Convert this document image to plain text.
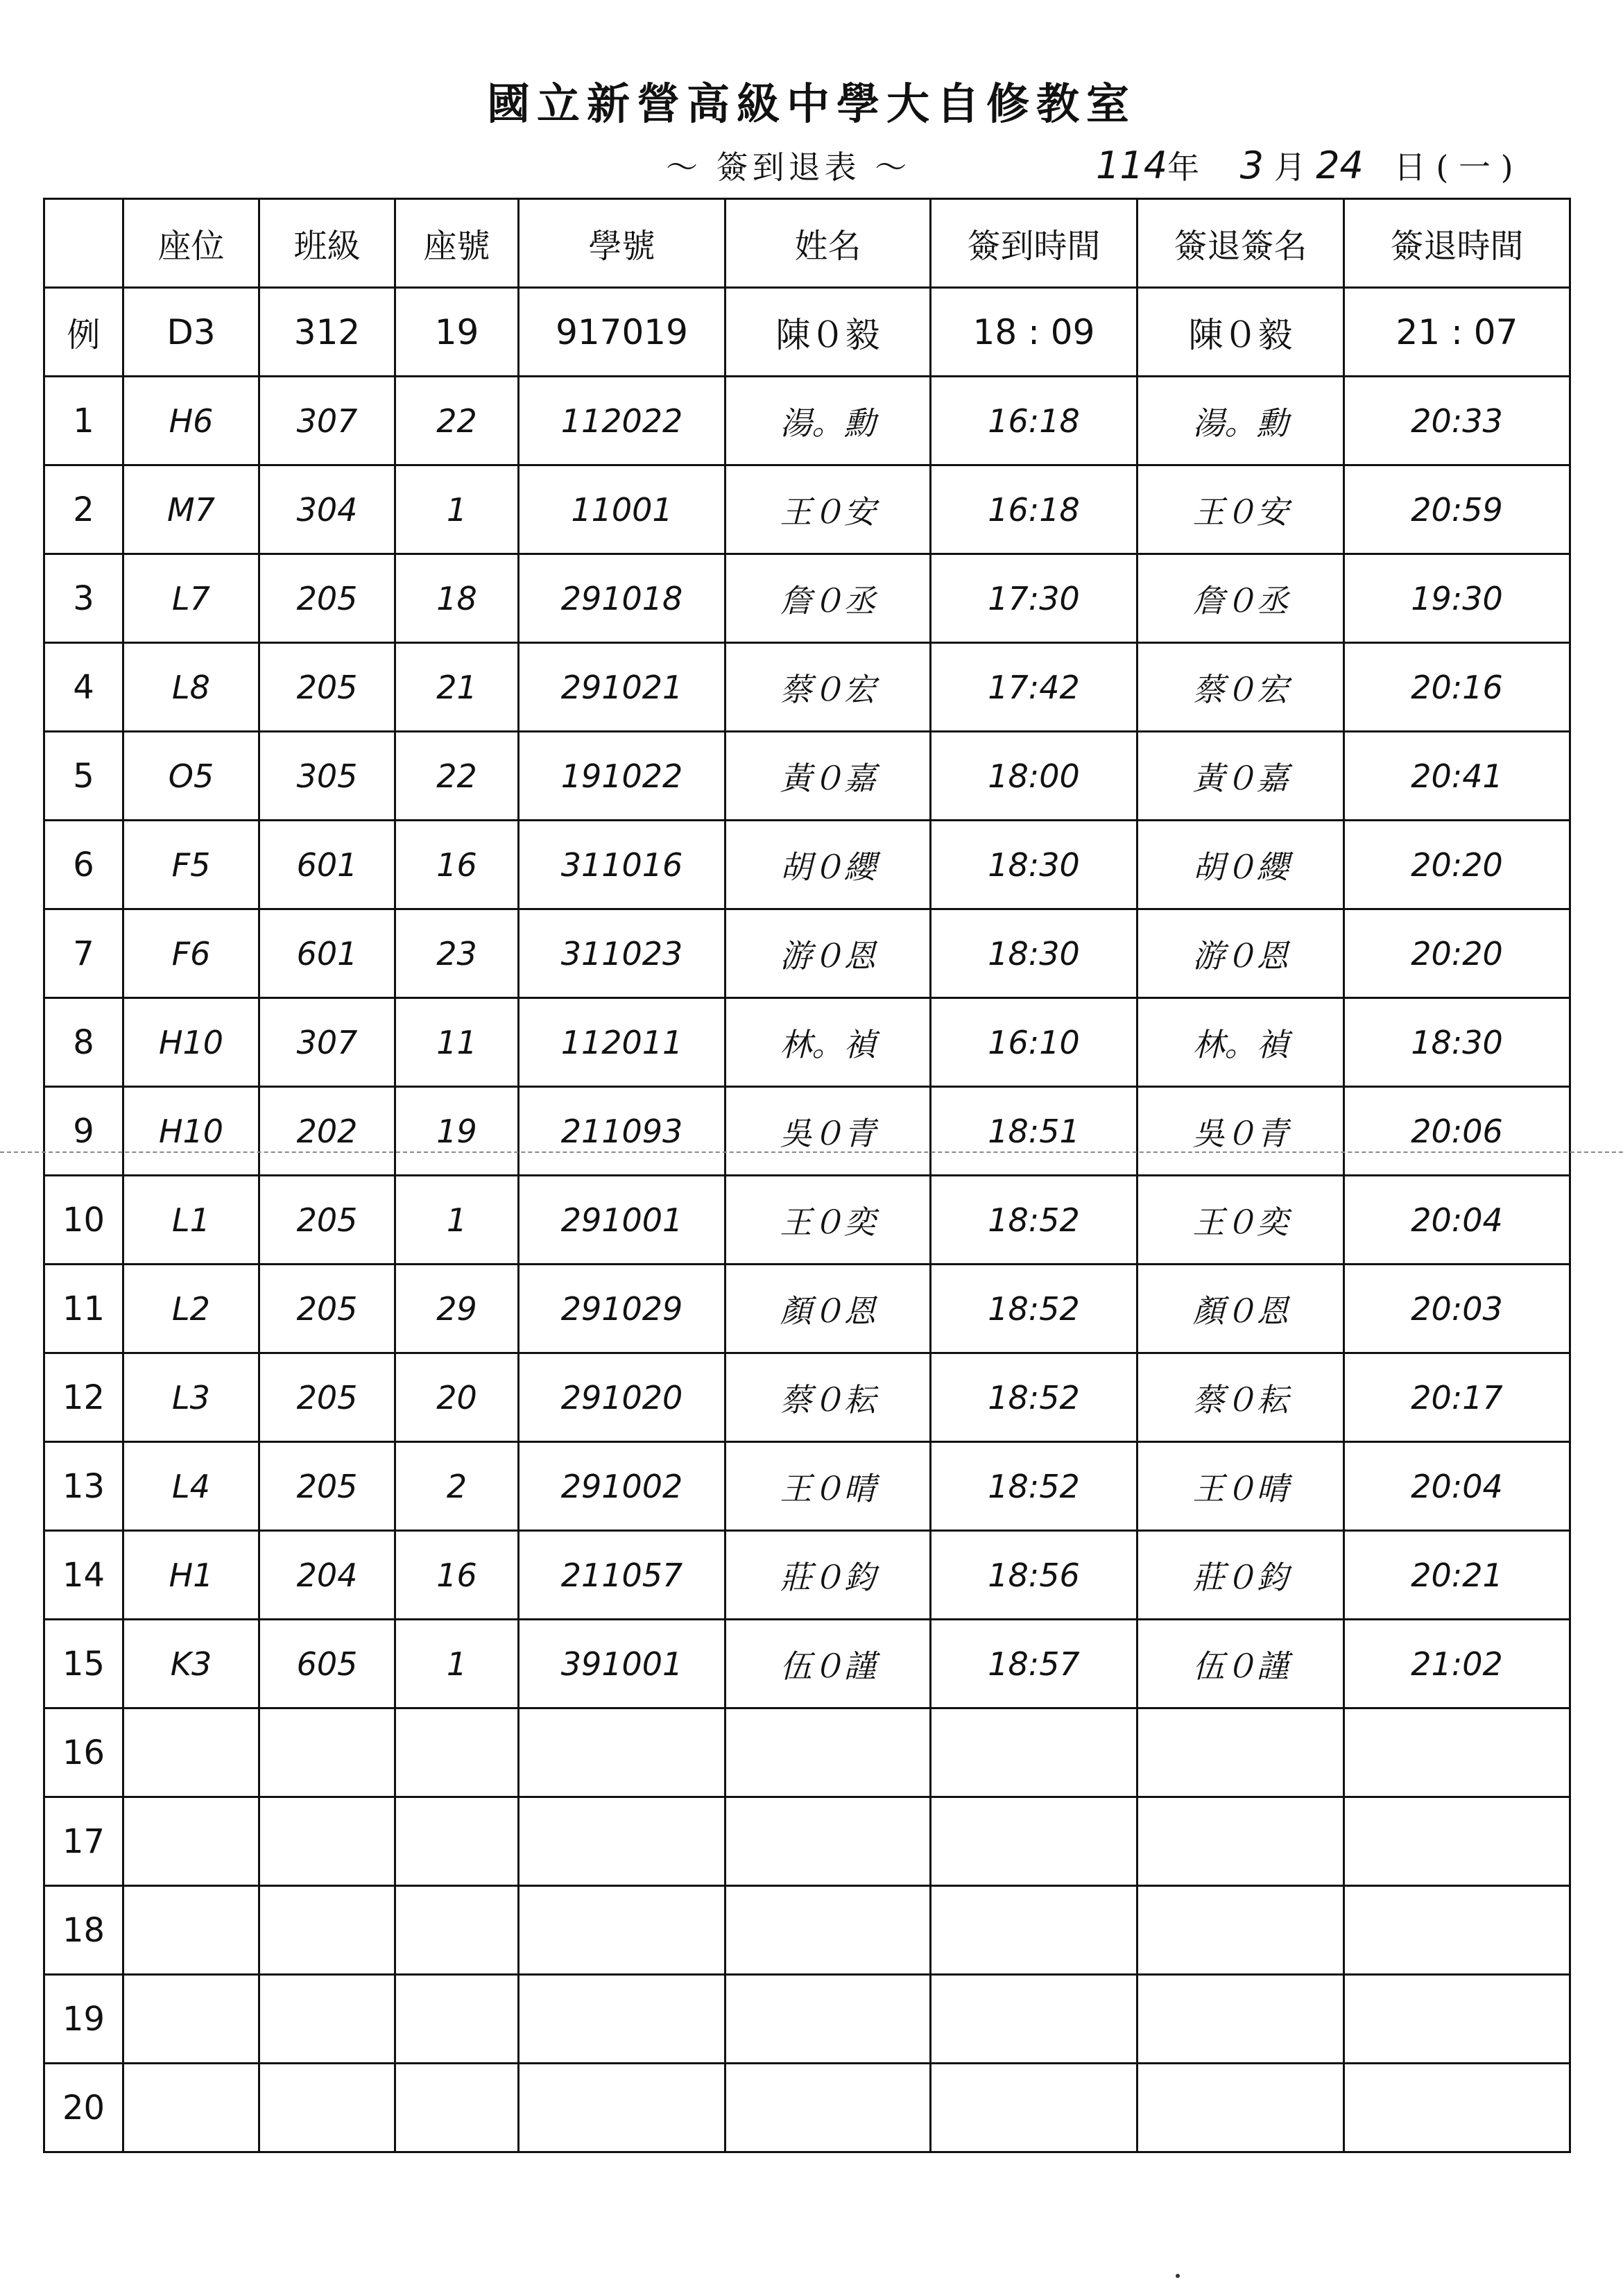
國立新營高級中學大自修教室
～ 簽到退表 ～	114年 3 月 24 日 ( 一 )
	座位	班級	座號	學號	姓名	簽到時間	簽退簽名	簽退時間
例	D3	312	19	917019	陳０毅	18 : 09	陳０毅	21 : 07
1	H6	307	22	112022	湯。勳	16:18	湯。勳	20:33
2	M7	304	1	11001	王０安	16:18	王０安	20:59
3	L7	205	18	291018	詹０丞	17:30	詹０丞	19:30
4	L8	205	21	291021	蔡０宏	17:42	蔡０宏	20:16
5	O5	305	22	191022	黃０嘉	18:00	黃０嘉	20:41
6	F5	601	16	311016	胡０纓	18:30	胡０纓	20:20
7	F6	601	23	311023	游０恩	18:30	游０恩	20:20
8	H10	307	11	112011	林。禎	16:10	林。禎	18:30
9	H10	202	19	211093	吳０青	18:51	吳０青	20:06
10	L1	205	1	291001	王０奕	18:52	王０奕	20:04
11	L2	205	29	291029	顏０恩	18:52	顏０恩	20:03
12	L3	205	20	291020	蔡０耘	18:52	蔡０耘	20:17
13	L4	205	2	291002	王０晴	18:52	王０晴	20:04
14	H1	204	16	211057	莊０鈞	18:56	莊０鈞	20:21
15	K3	605	1	391001	伍０謹	18:57	伍０謹	21:02
16								
17								
18								
19								
20								
